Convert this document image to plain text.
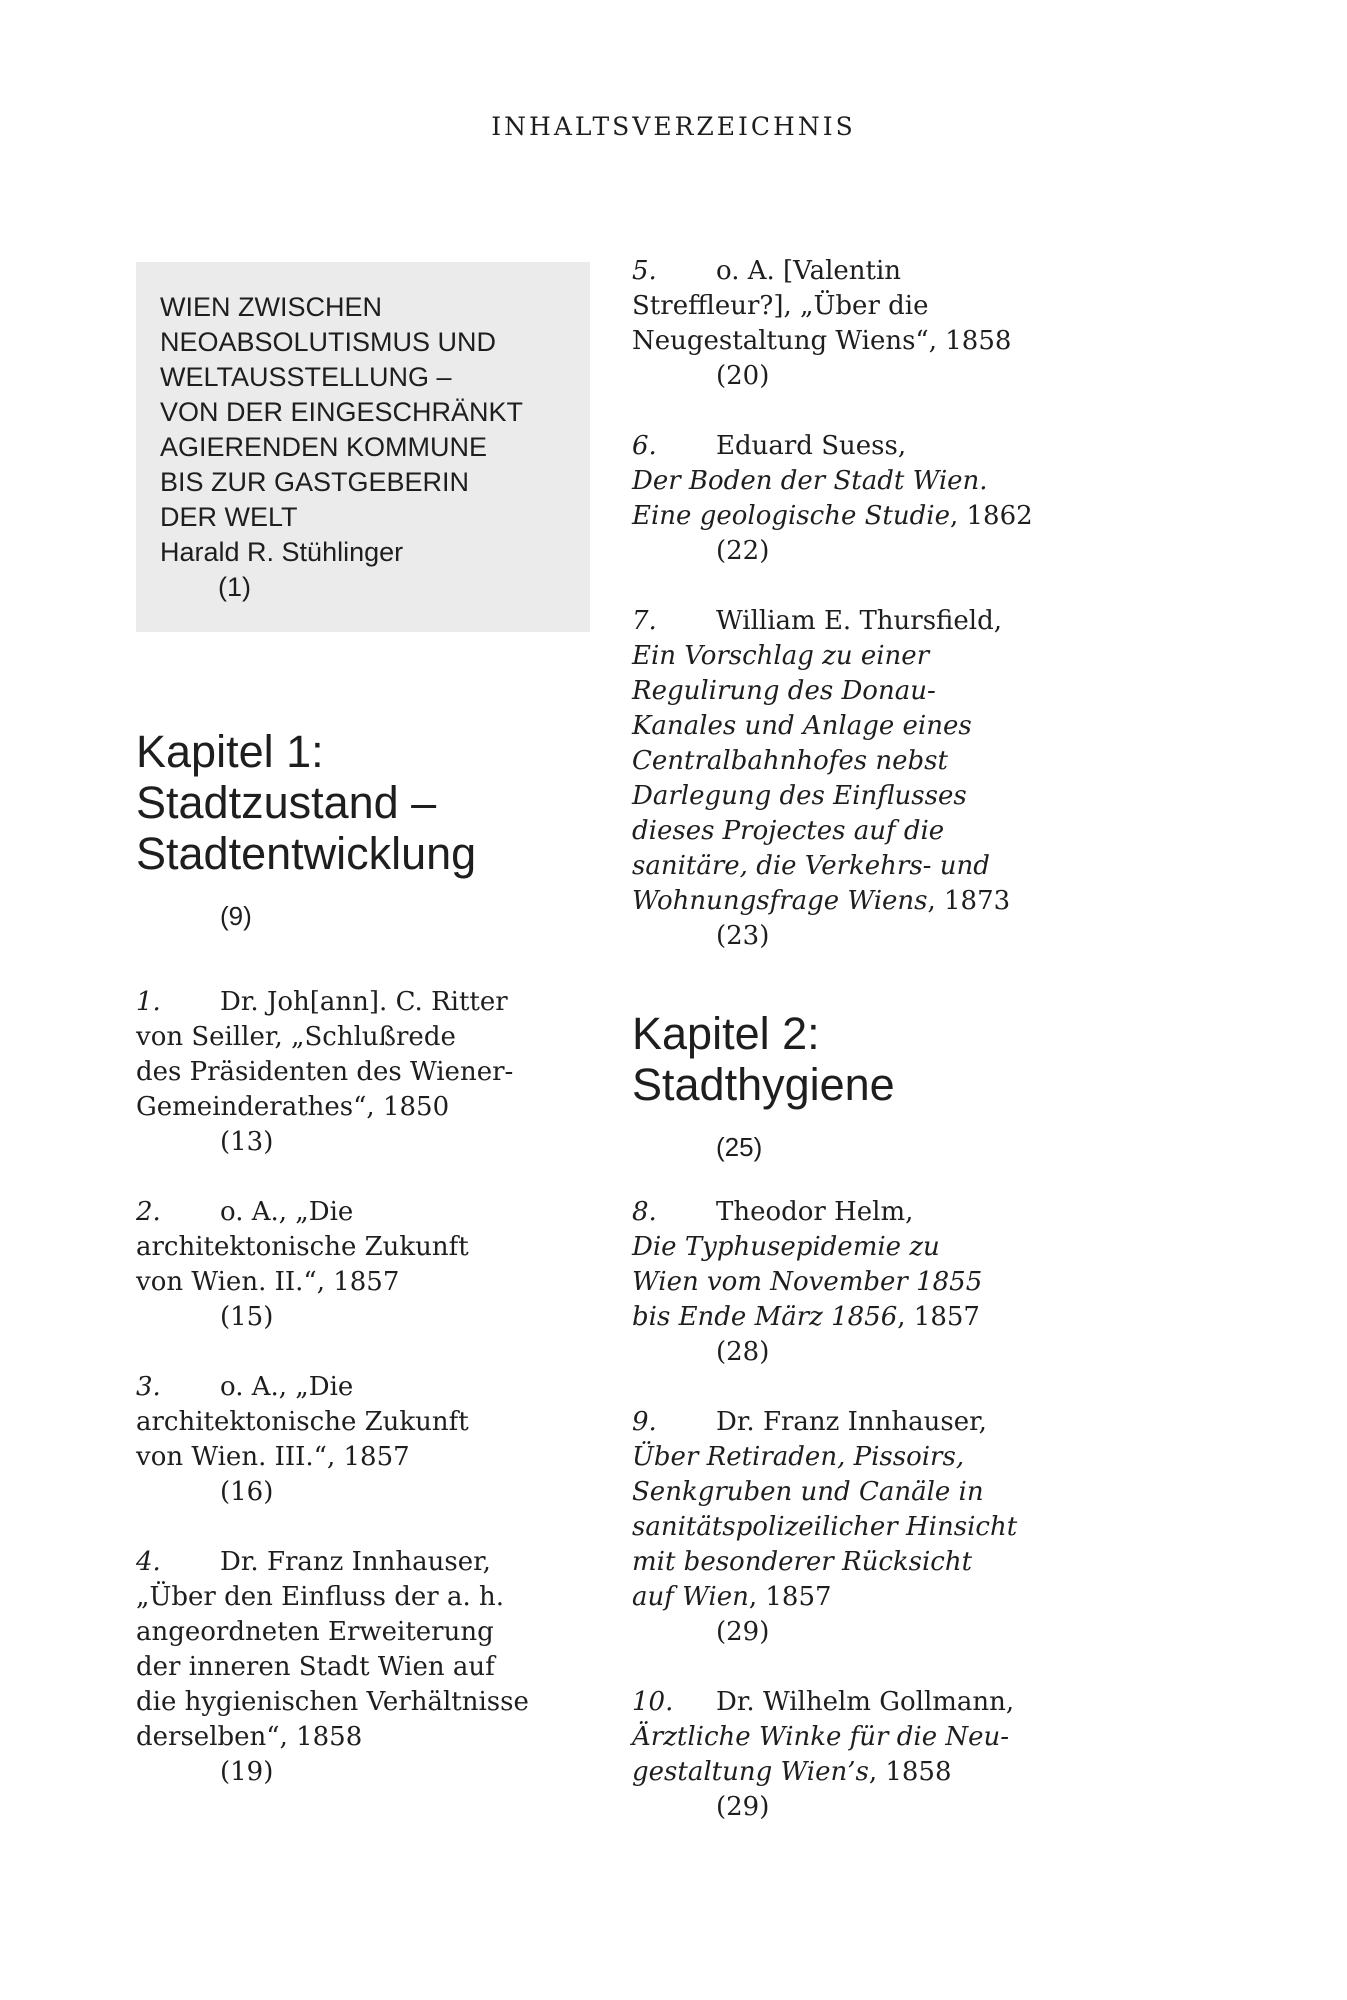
INHALTSVERZEICHNIS
WIEN ZWISCHEN
NEOABSOLUTISMUS UND
WELTAUSSTELLUNG –
VON DER EINGESCHRÄNKT
AGIERENDEN KOMMUNE
BIS ZUR GASTGEBERIN
DER WELT
Harald R. Stühlinger
(1)
Kapitel 1:
Stadtzustand –
Stadtentwicklung
(9)
1. Dr. Joh[ann]. C. Ritter
von Seiller, „Schlußrede
des Präsidenten des Wiener-
Gemeinderathes“, 1850
(13)
2. o. A., „Die
architektonische Zukunft
von Wien. II.“, 1857
(15)
3. o. A., „Die
architektonische Zukunft
von Wien. III.“, 1857
(16)
4. Dr. Franz Innhauser,
„Über den Einfluss der a. h.
angeordneten Erweiterung
der inneren Stadt Wien auf
die hygienischen Verhältnisse
derselben“, 1858
(19)
5. o. A. [Valentin
Streffleur?], „Über die
Neugestaltung Wiens“, 1858
(20)
6. Eduard Suess,
Der Boden der Stadt Wien.
Eine geologische Studie, 1862
(22)
7. William E. Thursfield,
Ein Vorschlag zu einer
Regulirung des Donau-
Kanales und Anlage eines
Centralbahnhofes nebst
Darlegung des Einflusses
dieses Projectes auf die
sanitäre, die Verkehrs- und
Wohnungsfrage Wiens, 1873
(23)
Kapitel 2:
Stadthygiene
(25)
8. Theodor Helm,
Die Typhusepidemie zu
Wien vom November 1855
bis Ende März 1856, 1857
(28)
9. Dr. Franz Innhauser,
Über Retiraden, Pissoirs,
Senkgruben und Canäle in
sanitätspolizeilicher Hinsicht
mit besonderer Rücksicht
auf Wien, 1857
(29)
10. Dr. Wilhelm Gollmann,
Ärztliche Winke für die Neu-
gestaltung Wien’s, 1858
(29)
